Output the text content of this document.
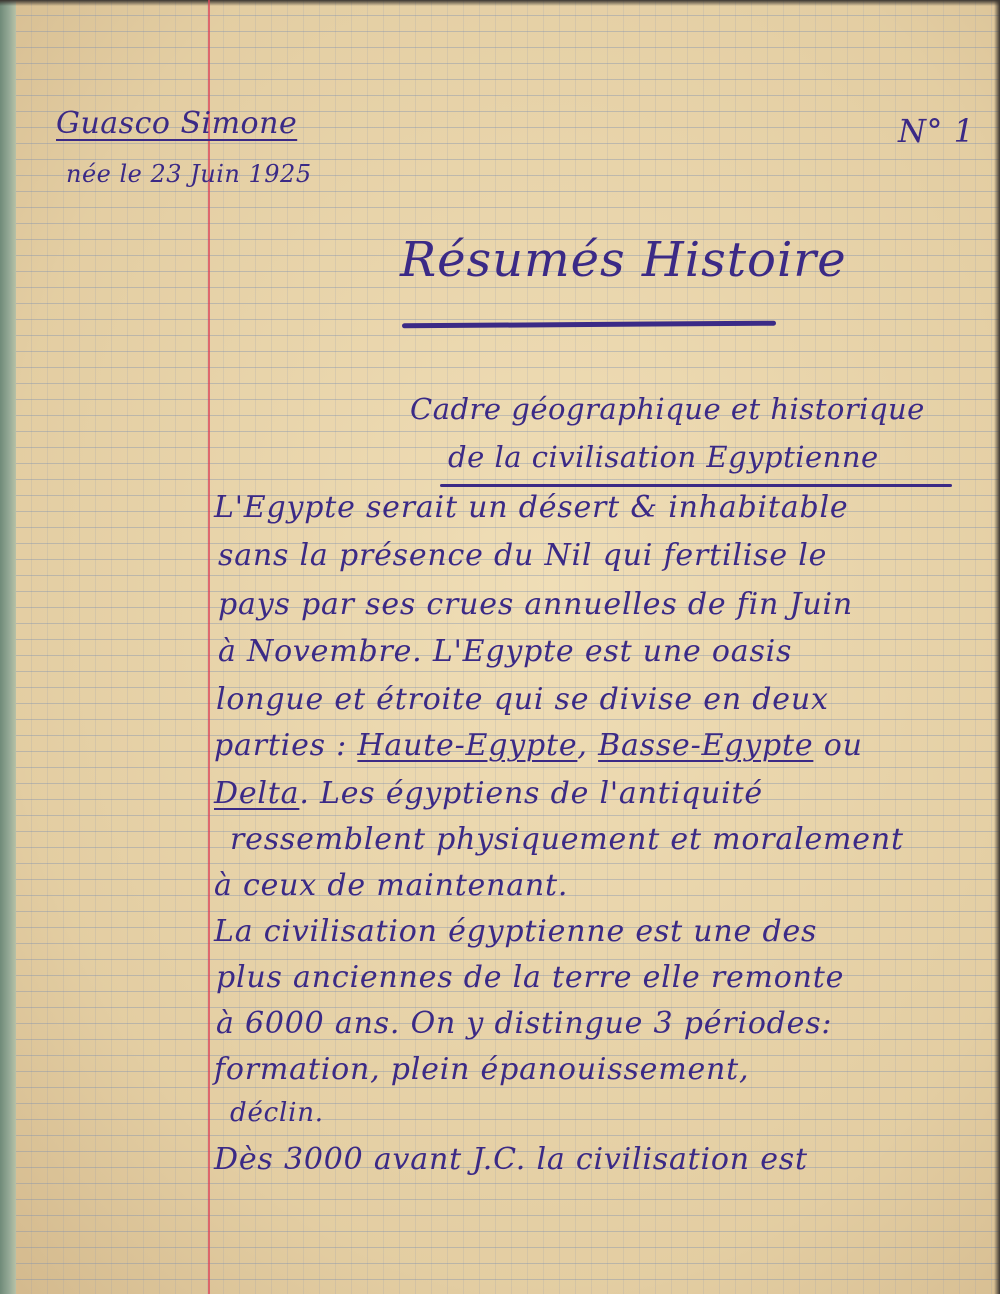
Guasco Simone

née le 23 Juin 1925

N° 1

Résumés Histoire

Cadre géographique et historique

de la civilisation Egyptienne

L'Egypte serait un désert & inhabitable

sans la présence du Nil qui fertilise le

pays par ses crues annuelles de fin Juin

à Novembre. L'Egypte est une oasis

longue et étroite qui se divise en deux

parties : Haute-Egypte, Basse-Egypte ou

Delta. Les égyptiens de l'antiquité

ressemblent physiquement et moralement

à ceux de maintenant.

La civilisation égyptienne est une des

plus anciennes de la terre elle remonte

à 6000 ans. On y distingue 3 périodes:

formation, plein épanouissement,

déclin.

Dès 3000 avant J.C. la civilisation est
